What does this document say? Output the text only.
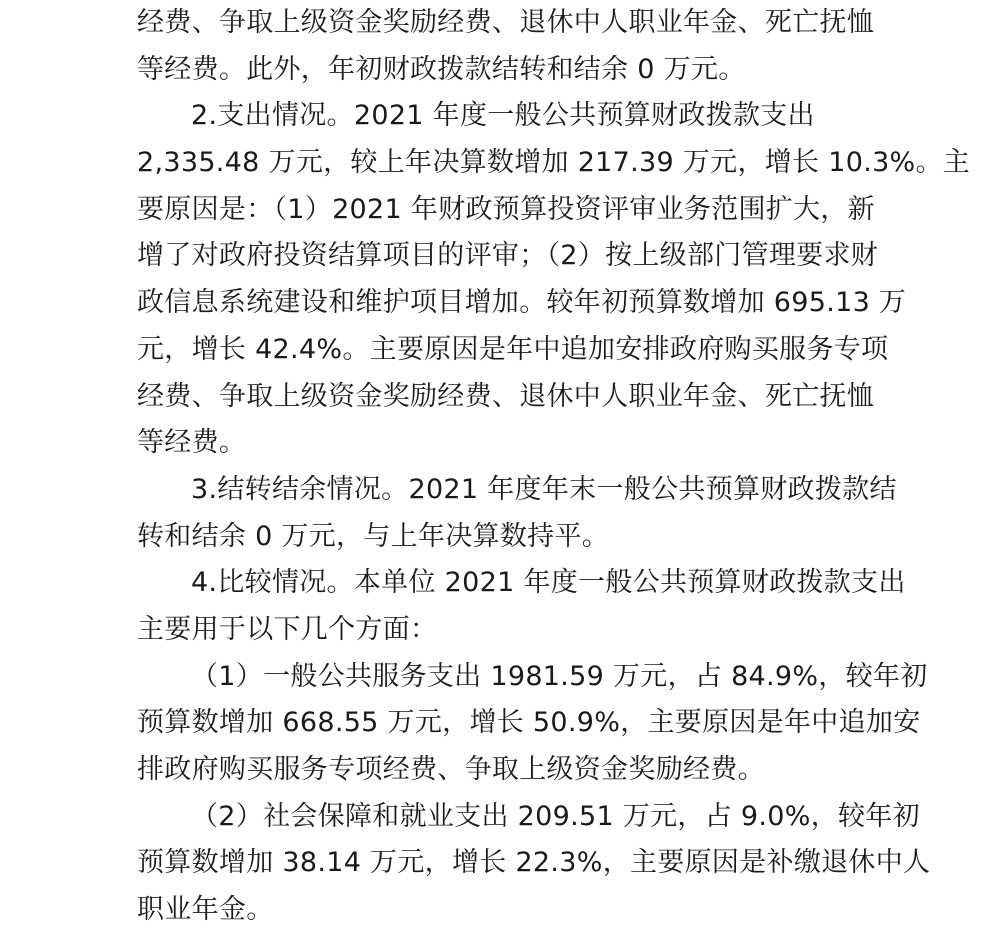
经费、争取上级资金奖励经费、退休中人职业年金、死亡抚恤
等经费。此外，年初财政拨款结转和结余 0 万元。
2.支出情况。2021 年度一般公共预算财政拨款支出
2,335.48 万元，较上年决算数增加 217.39 万元，增长 10.3%。主
要原因是：（1）2021 年财政预算投资评审业务范围扩大，新
增了对政府投资结算项目的评审；（2）按上级部门管理要求财
政信息系统建设和维护项目增加。较年初预算数增加 695.13 万
元，增长 42.4%。主要原因是年中追加安排政府购买服务专项
经费、争取上级资金奖励经费、退休中人职业年金、死亡抚恤
等经费。
3.结转结余情况。2021 年度年末一般公共预算财政拨款结
转和结余 0 万元，与上年决算数持平。
4.比较情况。本单位 2021 年度一般公共预算财政拨款支出
主要用于以下几个方面：
（1）一般公共服务支出 1981.59 万元，占 84.9%，较年初
预算数增加 668.55 万元，增长 50.9%，主要原因是年中追加安
排政府购买服务专项经费、争取上级资金奖励经费。
（2）社会保障和就业支出 209.51 万元，占 9.0%，较年初
预算数增加 38.14 万元，增长 22.3%，主要原因是补缴退休中人
职业年金。
